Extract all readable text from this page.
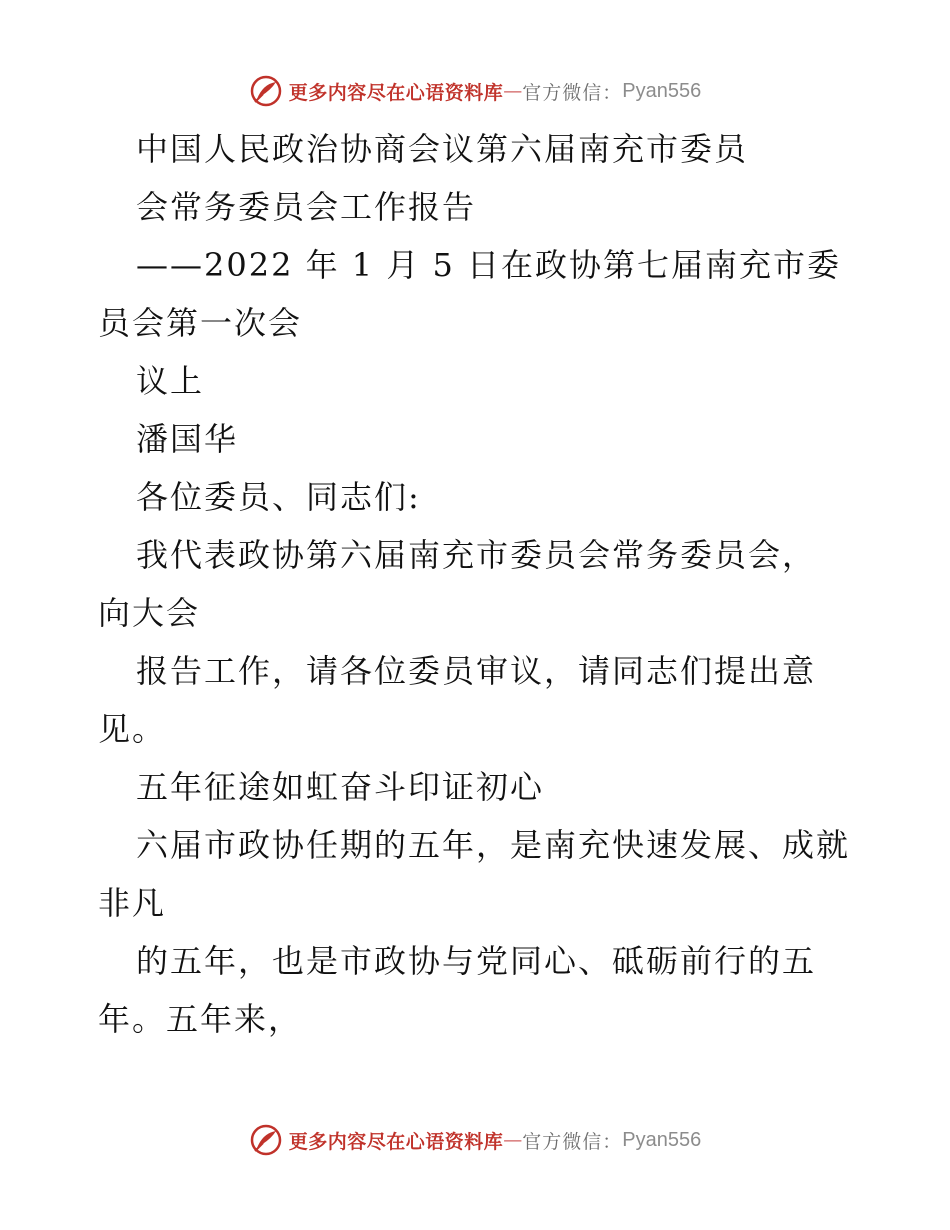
更多内容尽在心语资料库 — 官方微信： Pyan556
中国人民政治协商会议第六届南充市委员
会常务委员会工作报告
——2022 年 1 月 5 日在政协第七届南充市委
员会第一次会
议上
潘国华
各位委员、同志们:
我代表政协第六届南充市委员会常务委员会，
向大会
报告工作，请各位委员审议，请同志们提出意
见。
五年征途如虹奋斗印证初心
六届市政协任期的五年，是南充快速发展、成就
非凡
的五年，也是市政协与党同心、砥砺前行的五
年。五年来，
更多内容尽在心语资料库 — 官方微信： Pyan556
